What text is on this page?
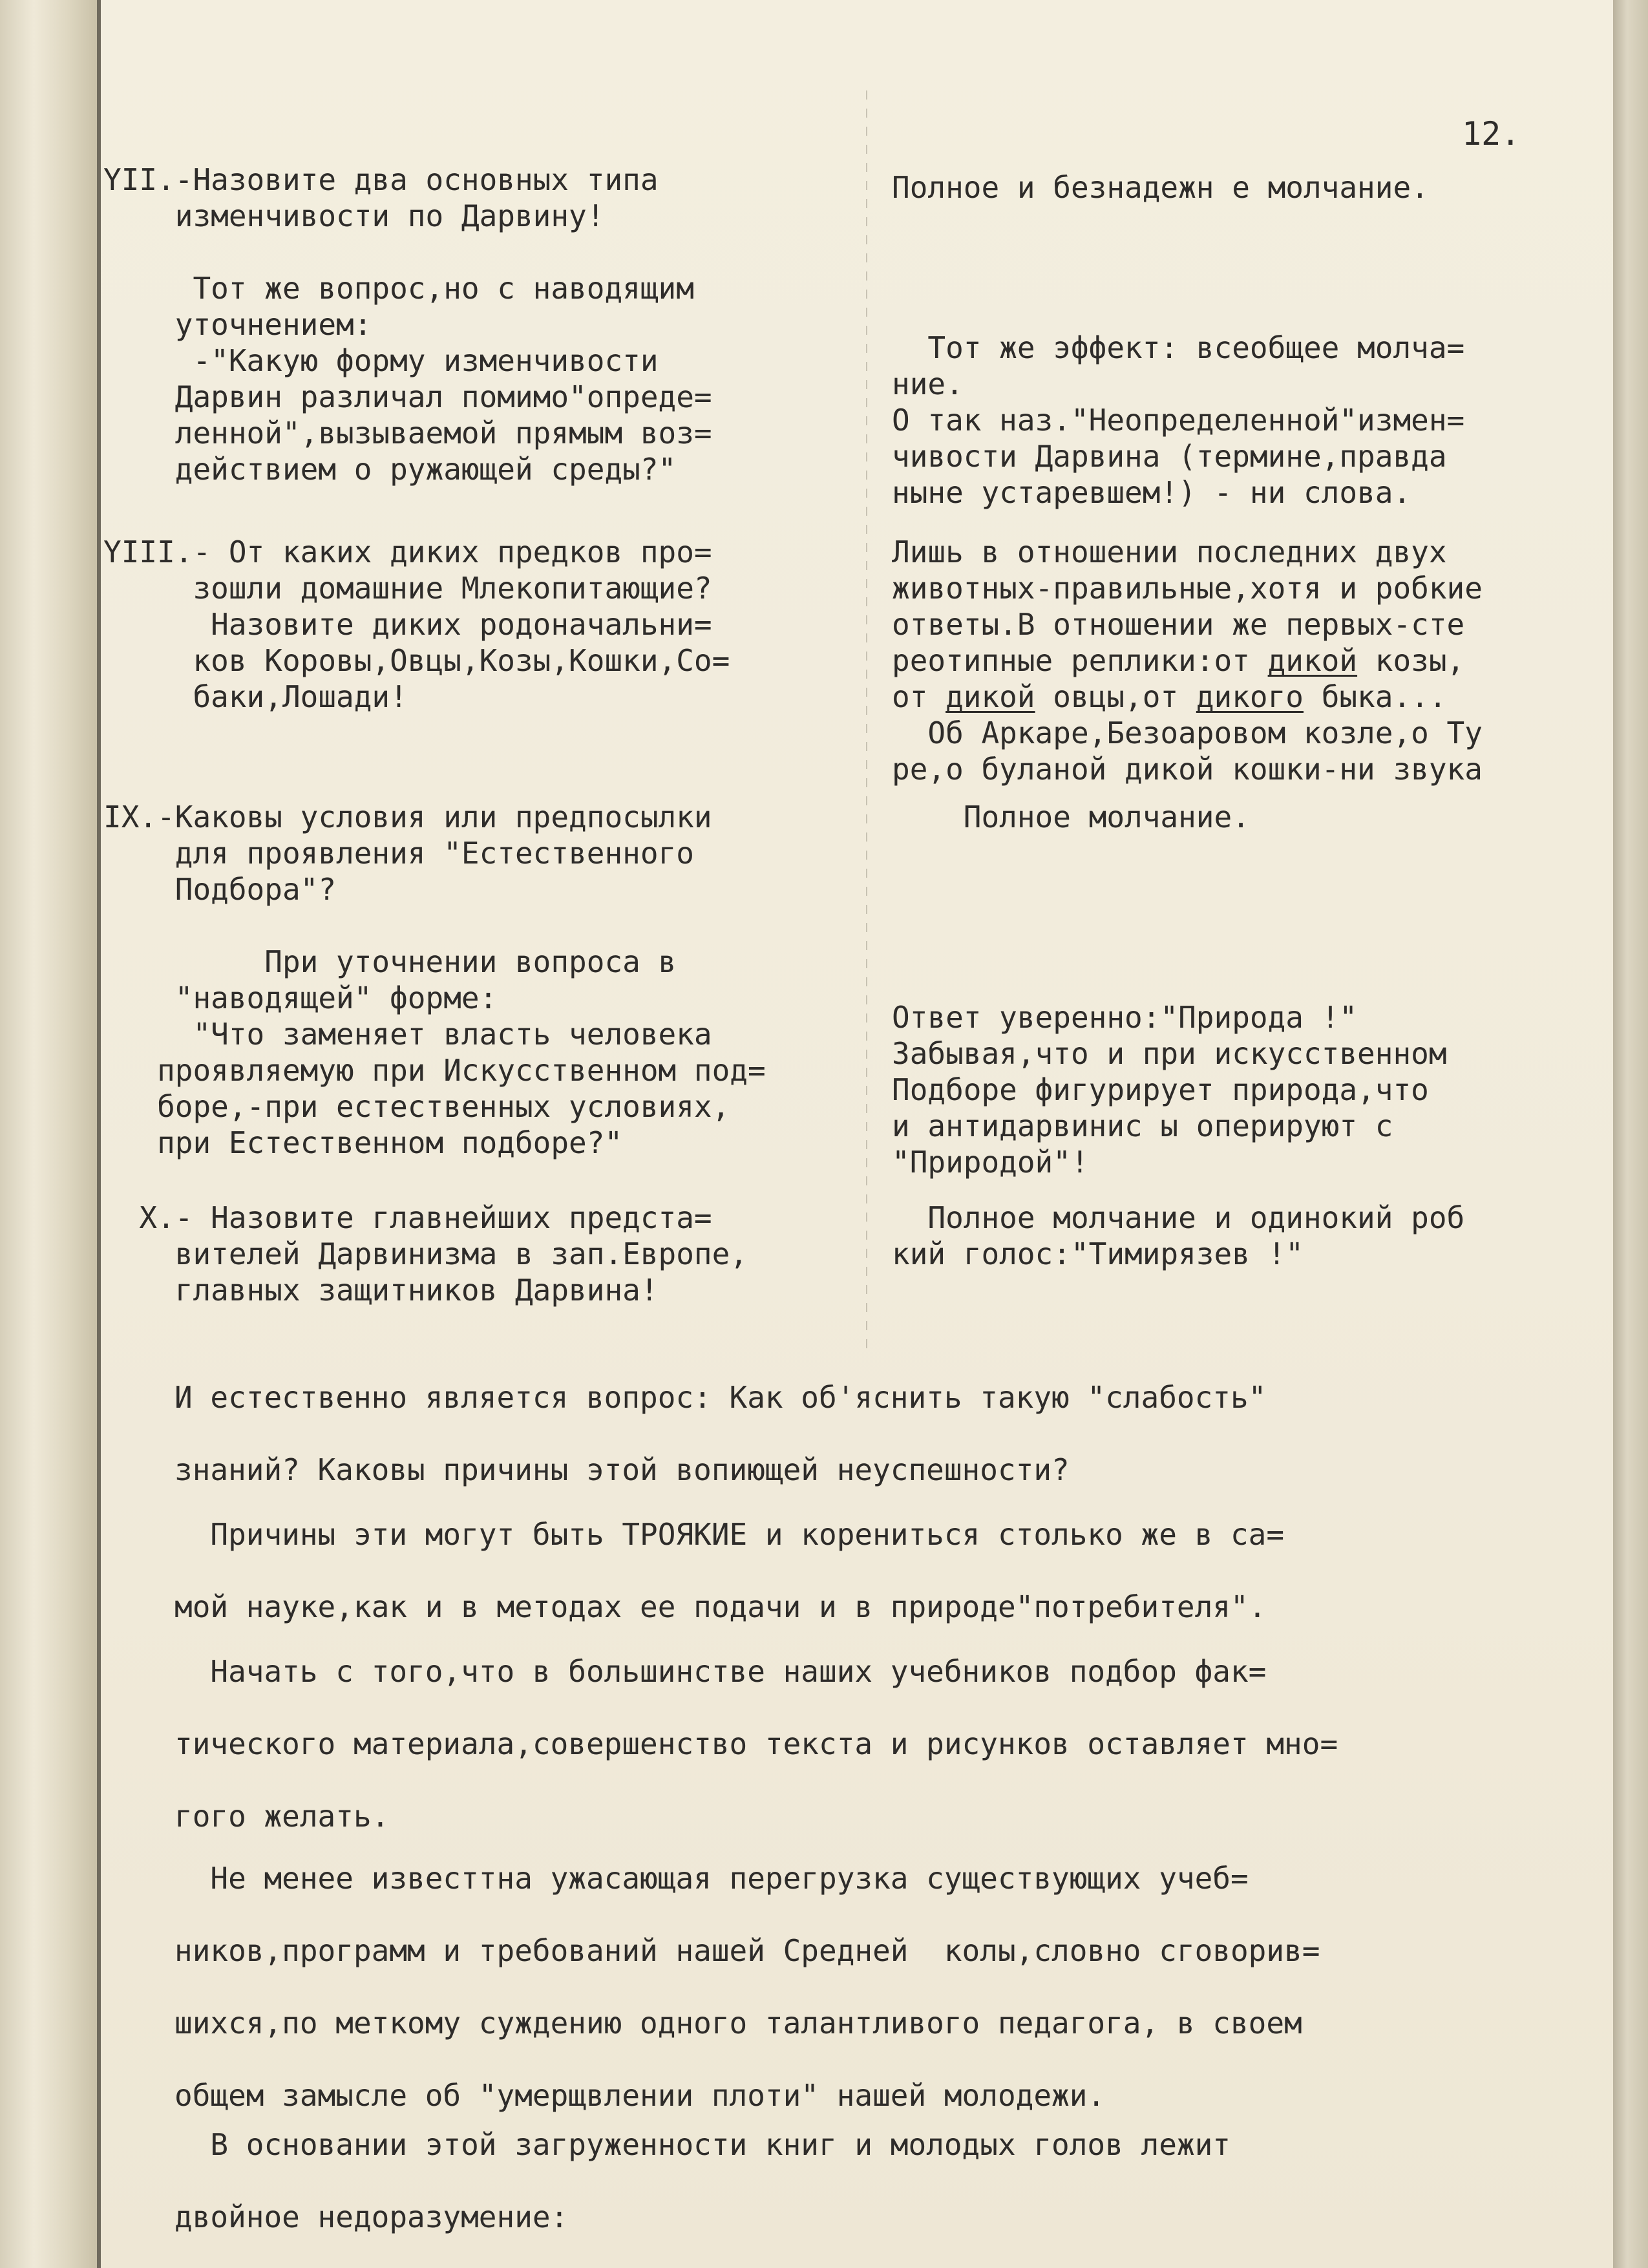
12.
YII.-Назовите два основных типа
изменчивости по Дарвину!

Тот же вопрос,но с наводящим
уточнением:
-"Какую форму изменчивости
Дарвин различал помимо"опреде=
ленной",вызываемой прямым воз=
действием о ружающей среды?"
Полное и безнадежн е молчание.
Тот же эффект: всеобщее молча=
ние.
О так наз."Неопределенной"измен=
чивости Дарвина (термине,правда
ныне устаревшем!) - ни слова.
YIII.- От каких диких предков про=
зошли домашние Млекопитающие?
Назовите диких родоначальни=
ков Коровы,Овцы,Козы,Кошки,Со=
баки,Лошади!
Лишь в отношении последних двух
животных-правильные,хотя и робкие
ответы.В отношении же первых-сте
реотипные реплики:от дикой козы,
от дикой овцы,от дикого быка...
Об Аркаре,Безоаровом козле,о Ту
ре,о буланой дикой кошки-ни звука
IX.-Каковы условия или предпосылки
для проявления "Естественного
Подбора"?

При уточнении вопроса в
"наводящей" форме:
"Что заменяет власть человека
проявляемую при Искусственном под=
боре,-при естественных условиях,
при Естественном подборе?"
Полное молчание.
Ответ уверенно:"Природа !"
Забывая,что и при искусственном
Подборе фигурирует природа,что
и антидарвинис ы оперируют с
"Природой"!
X.- Назовите главнейших предста=
вителей Дарвинизма в зап.Европе,
главных защитников Дарвина!
Полное молчание и одинокий роб
кий голос:"Тимирязев !"
И естественно является вопрос: Как об'яснить такую "слабость"
знаний? Каковы причины этой вопиющей неуспешности?
Причины эти могут быть ТРОЯКИЕ и корениться столько же в са=
мой науке,как и в методах ее подачи и в природе"потребителя".
Начать с того,что в большинстве наших учебников подбор фак=
тического материала,совершенство текста и рисунков оставляет мно=
гого желать.
Не менее известтна ужасающая перегрузка существующих учеб=
ников,программ и требований нашей Средней  колы,словно сговорив=
шихся,по меткому суждению одного талантливого педагога, в своем
общем замысле об "умерщвлении плоти" нашей молодежи.
В основании этой загруженности книг и молодых голов лежит
двойное недоразумение:
